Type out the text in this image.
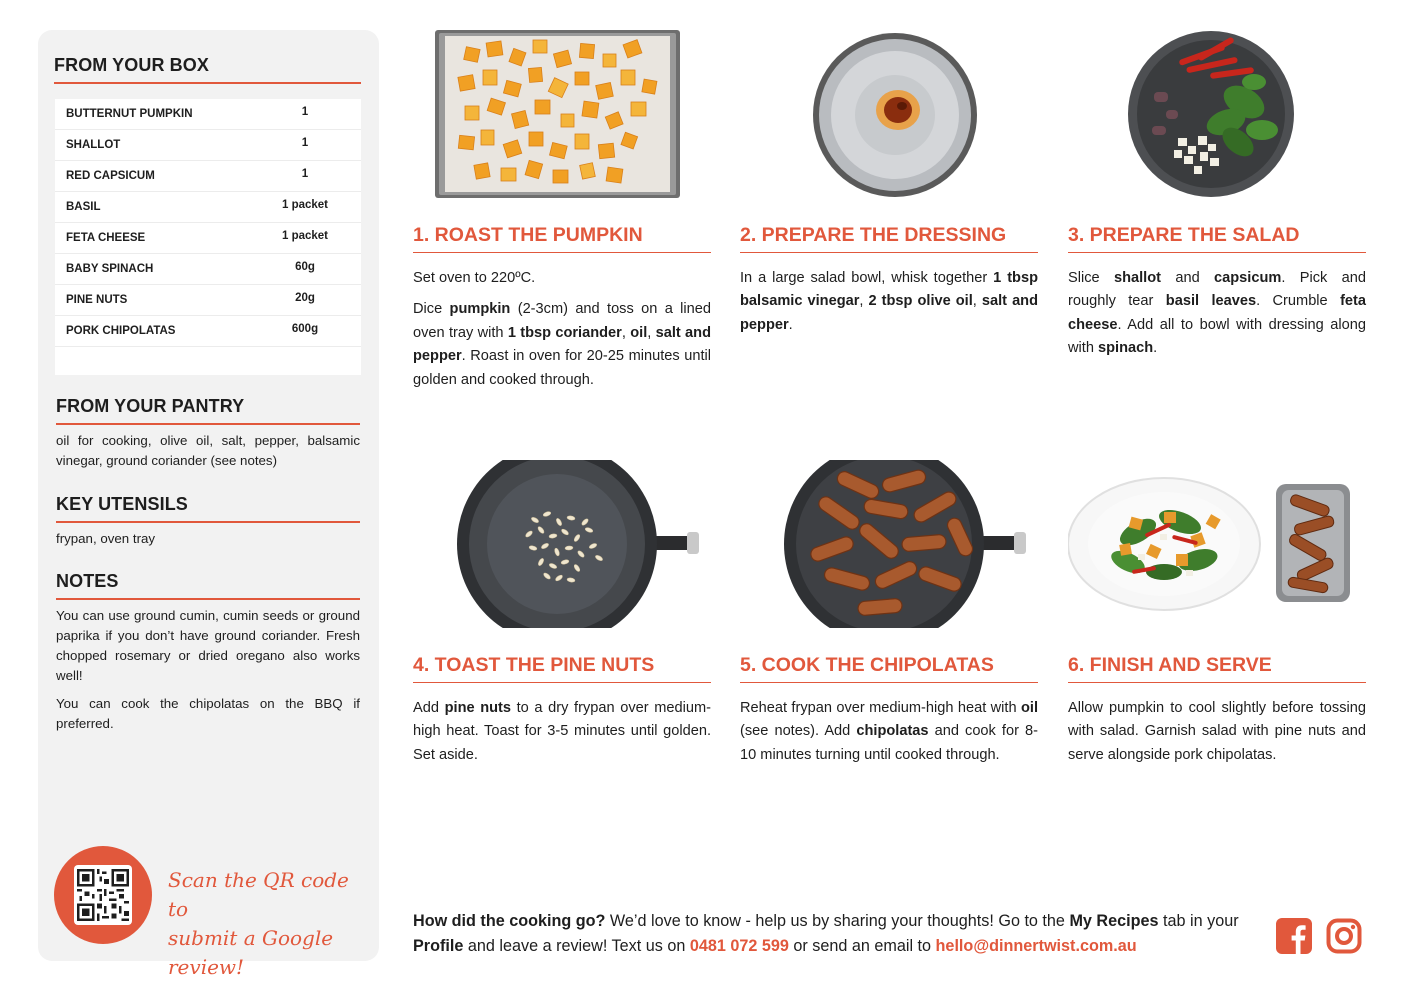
FROM YOUR BOX
BUTTERNUT PUMPKIN	1
SHALLOT	1
RED CAPSICUM	1
BASIL	1 packet
FETA CHEESE	1 packet
BABY SPINACH	60g
PINE NUTS	20g
PORK CHIPOLATAS	600g
FROM YOUR PANTRY
oil for cooking, olive oil, salt, pepper, balsamic vinegar, ground coriander (see notes)
KEY UTENSILS
frypan, oven tray
NOTES
You can use ground cumin, cumin seeds or ground paprika if you don’t have ground coriander. Fresh chopped rosemary or dried oregano also works well!
You can cook the chipolatas on the BBQ if preferred.
Scan the QR code to
submit a Google review!
1. ROAST THE PUMPKIN

Set oven to 220ºC.

Dice pumpkin (2-3cm) and toss on a lined oven tray with 1 tbsp coriander, oil, salt and pepper. Roast in oven for 20-25 minutes until golden and cooked through.

2. PREPARE THE DRESSING

In a large salad bowl, whisk together 1 tbsp balsamic vinegar, 2 tbsp olive oil, salt and pepper.

3. PREPARE THE SALAD

Slice shallot and capsicum. Pick and roughly tear basil leaves. Crumble feta cheese. Add all to bowl with dressing along with spinach.

4. TOAST THE PINE NUTS

Add pine nuts to a dry frypan over medium-high heat. Toast for 3-5 minutes until golden. Set aside.

5. COOK THE CHIPOLATAS

Reheat frypan over medium-high heat with oil (see notes). Add chipolatas and cook for 8-10 minutes turning until cooked through.

6. FINISH AND SERVE

Allow pumpkin to cool slightly before tossing with salad. Garnish salad with pine nuts and serve alongside pork chipolatas.

How did the cooking go? We’d love to know - help us by sharing your thoughts! Go to the My Recipes tab in your Profile and leave a review! Text us on 0481 072 599 or send an email to hello@dinnertwist.com.au
